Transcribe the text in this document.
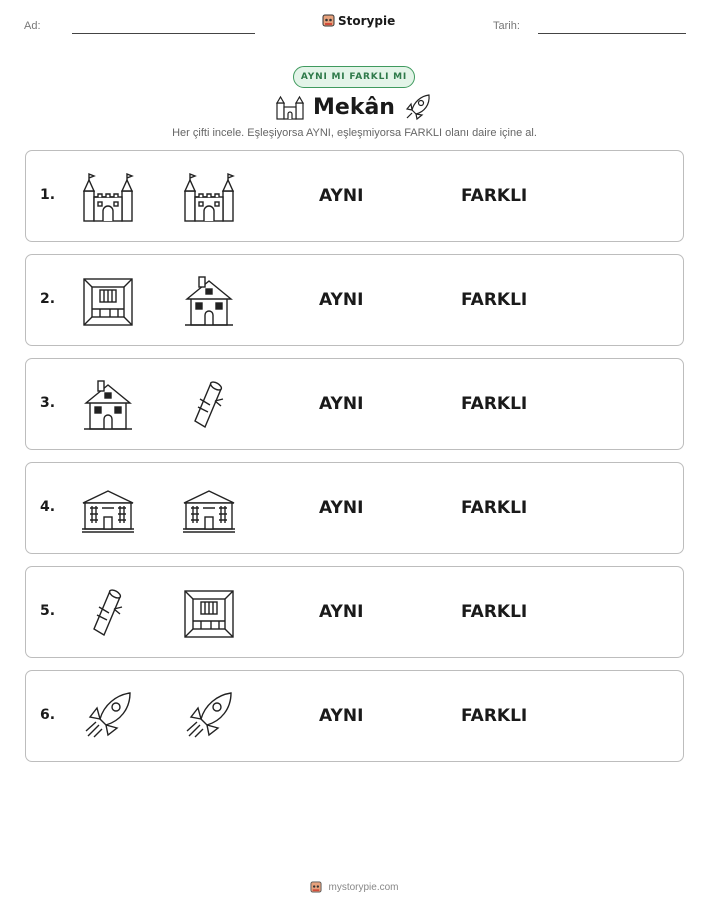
Ad:	Storypie	Tarih:
AYNI MI FARKLI MI
Mekân
Her çifti incele. Eşleşiyorsa AYNI, eşleşmiyorsa FARKLI olanı daire içine al.
1.	AYNI	FARKLI
2.	AYNI	FARKLI
3.	AYNI	FARKLI
4.	AYNI	FARKLI
5.	AYNI	FARKLI
6.	AYNI	FARKLI
mystorypie.com
